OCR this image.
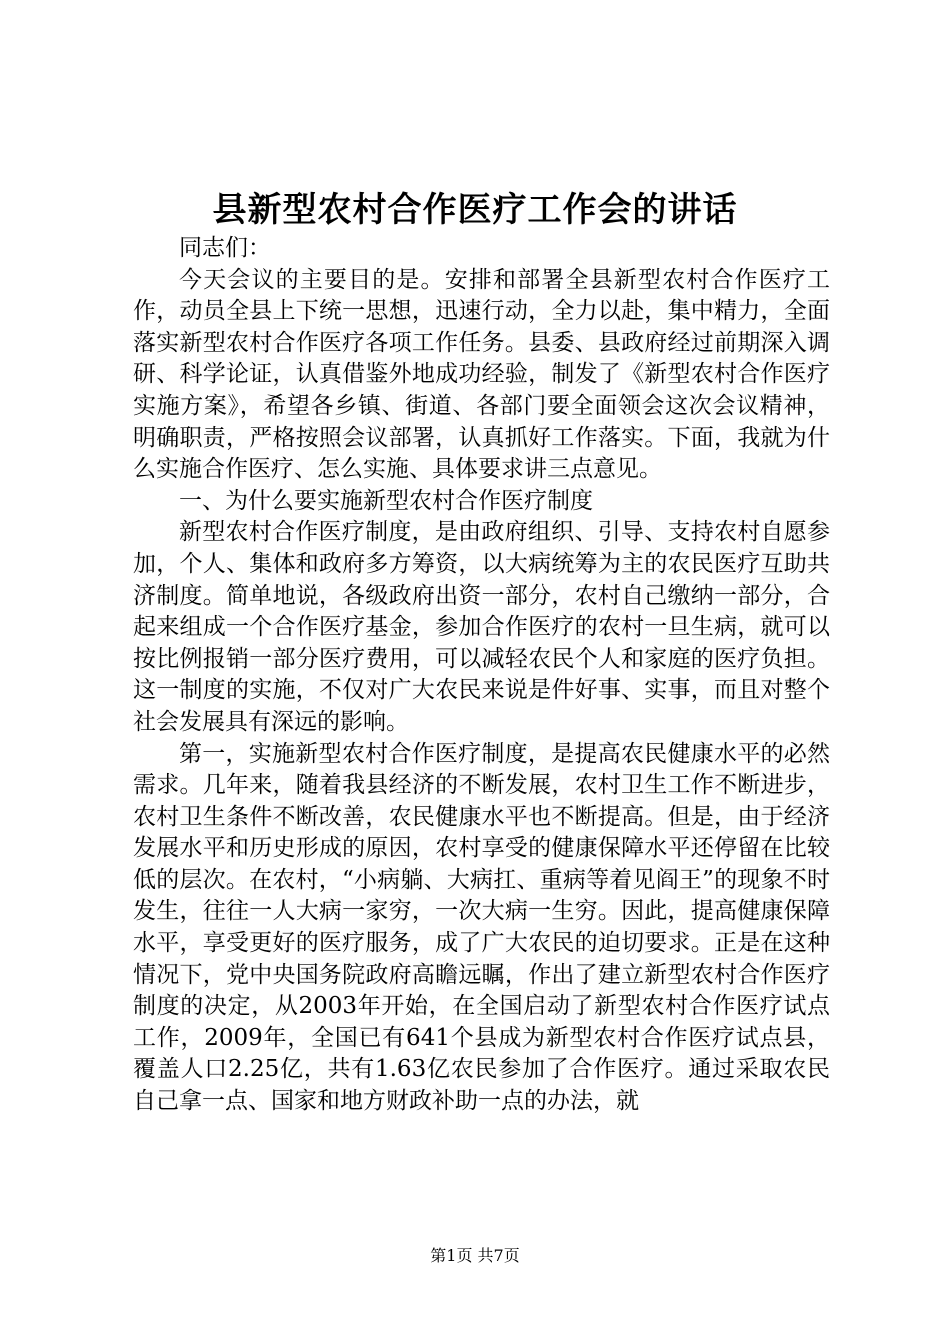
县新型农村合作医疗工作会的讲话

同志们：

今天会议的主要目的是。安排和部署全县新型农村合作医疗工作，动员全县上下统一思想，迅速行动，全力以赴，集中精力，全面落实新型农村合作医疗各项工作任务。县委、县政府经过前期深入调研、科学论证，认真借鉴外地成功经验，制发了《新型农村合作医疗实施方案》，希望各乡镇、街道、各部门要全面领会这次会议精神，明确职责，严格按照会议部署，认真抓好工作落实。下面，我就为什么实施合作医疗、怎么实施、具体要求讲三点意见。

一、为什么要实施新型农村合作医疗制度

新型农村合作医疗制度，是由政府组织、引导、支持农村自愿参加，个人、集体和政府多方筹资，以大病统筹为主的农民医疗互助共济制度。简单地说，各级政府出资一部分，农村自己缴纳一部分，合起来组成一个合作医疗基金，参加合作医疗的农村一旦生病，就可以按比例报销一部分医疗费用，可以减轻农民个人和家庭的医疗负担。这一制度的实施，不仅对广大农民来说是件好事、实事，而且对整个社会发展具有深远的影响。

第一，实施新型农村合作医疗制度，是提高农民健康水平的必然需求。几年来，随着我县经济的不断发展，农村卫生工作不断进步，农村卫生条件不断改善，农民健康水平也不断提高。但是，由于经济发展水平和历史形成的原因，农村享受的健康保障水平还停留在比较低的层次。在农村，“小病躺、大病扛、重病等着见阎王”的现象不时发生，往往一人大病一家穷，一次大病一生穷。因此，提高健康保障水平，享受更好的医疗服务，成了广大农民的迫切要求。正是在这种情况下，党中央国务院政府高瞻远瞩，作出了建立新型农村合作医疗制度的决定，从2003年开始，在全国启动了新型农村合作医疗试点工作，2009年，全国已有641个县成为新型农村合作医疗试点县，覆盖人口2.25亿，共有1.63亿农民参加了合作医疗。通过采取农民自己拿一点、国家和地方财政补助一点的办法，就

第1页 共7页
